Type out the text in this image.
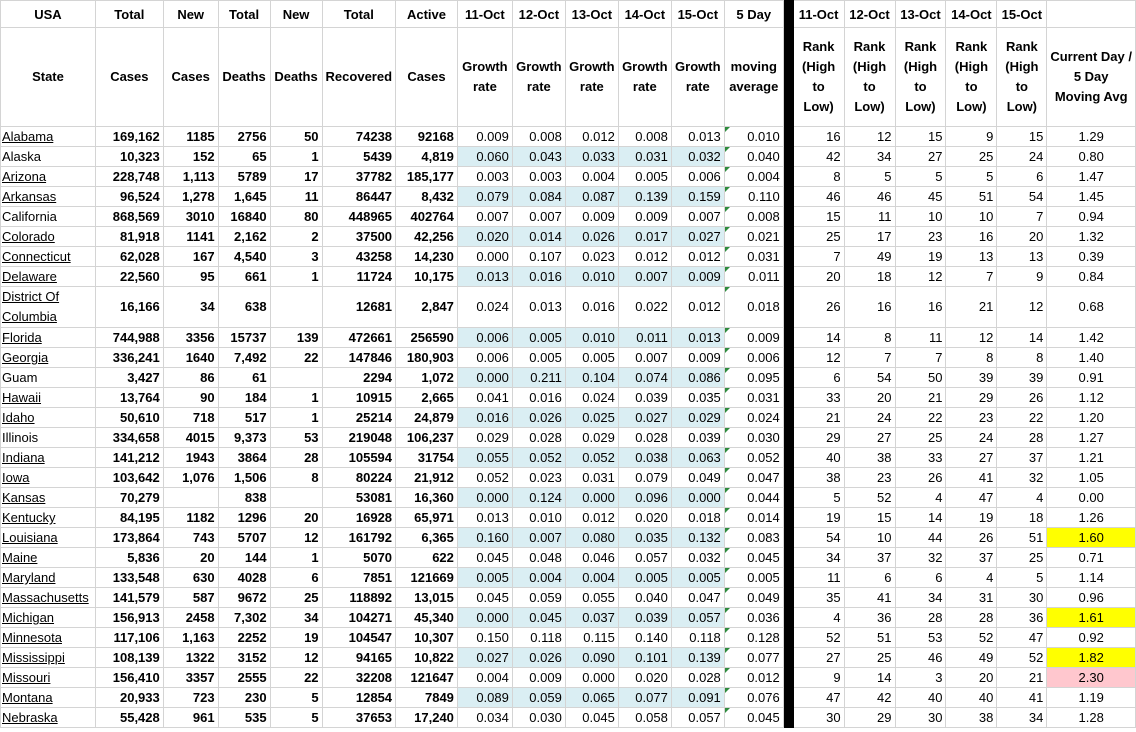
USA	Total	New	Total	New	Total	Active	11-Oct	12-Oct	13-Oct	14-Oct	15-Oct	5 Day		11-Oct	12-Oct	13-Oct	14-Oct	15-Oct	
State	Cases	Cases	Deaths	Deaths	Recovered	Cases	Growth rate	Growth rate	Growth rate	Growth rate	Growth rate	moving average		Rank (High to Low)	Rank (High to Low)	Rank (High to Low)	Rank (High to Low)	Rank (High to Low)	Current Day / 5 Day Moving Avg
Alabama	169,162	1185	2756	50	74238	92168	0.009	0.008	0.012	0.008	0.013	0.010		16	12	15	9	15	1.29
Alaska	10,323	152	65	1	5439	4,819	0.060	0.043	0.033	0.031	0.032	0.040		42	34	27	25	24	0.80
Arizona	228,748	1,113	5789	17	37782	185,177	0.003	0.003	0.004	0.005	0.006	0.004		8	5	5	5	6	1.47
Arkansas	96,524	1,278	1,645	11	86447	8,432	0.079	0.084	0.087	0.139	0.159	0.110		46	46	45	51	54	1.45
California	868,569	3010	16840	80	448965	402764	0.007	0.007	0.009	0.009	0.007	0.008		15	11	10	10	7	0.94
Colorado	81,918	1141	2,162	2	37500	42,256	0.020	0.014	0.026	0.017	0.027	0.021		25	17	23	16	20	1.32
Connecticut	62,028	167	4,540	3	43258	14,230	0.000	0.107	0.023	0.012	0.012	0.031		7	49	19	13	13	0.39
Delaware	22,560	95	661	1	11724	10,175	0.013	0.016	0.010	0.007	0.009	0.011		20	18	12	7	9	0.84
District Of Columbia	16,166	34	638		12681	2,847	0.024	0.013	0.016	0.022	0.012	0.018		26	16	16	21	12	0.68
Florida	744,988	3356	15737	139	472661	256590	0.006	0.005	0.010	0.011	0.013	0.009		14	8	11	12	14	1.42
Georgia	336,241	1640	7,492	22	147846	180,903	0.006	0.005	0.005	0.007	0.009	0.006		12	7	7	8	8	1.40
Guam	3,427	86	61		2294	1,072	0.000	0.211	0.104	0.074	0.086	0.095		6	54	50	39	39	0.91
Hawaii	13,764	90	184	1	10915	2,665	0.041	0.016	0.024	0.039	0.035	0.031		33	20	21	29	26	1.12
Idaho	50,610	718	517	1	25214	24,879	0.016	0.026	0.025	0.027	0.029	0.024		21	24	22	23	22	1.20
Illinois	334,658	4015	9,373	53	219048	106,237	0.029	0.028	0.029	0.028	0.039	0.030		29	27	25	24	28	1.27
Indiana	141,212	1943	3864	28	105594	31754	0.055	0.052	0.052	0.038	0.063	0.052		40	38	33	27	37	1.21
Iowa	103,642	1,076	1,506	8	80224	21,912	0.052	0.023	0.031	0.079	0.049	0.047		38	23	26	41	32	1.05
Kansas	70,279		838		53081	16,360	0.000	0.124	0.000	0.096	0.000	0.044		5	52	4	47	4	0.00
Kentucky	84,195	1182	1296	20	16928	65,971	0.013	0.010	0.012	0.020	0.018	0.014		19	15	14	19	18	1.26
Louisiana	173,864	743	5707	12	161792	6,365	0.160	0.007	0.080	0.035	0.132	0.083		54	10	44	26	51	1.60
Maine	5,836	20	144	1	5070	622	0.045	0.048	0.046	0.057	0.032	0.045		34	37	32	37	25	0.71
Maryland	133,548	630	4028	6	7851	121669	0.005	0.004	0.004	0.005	0.005	0.005		11	6	6	4	5	1.14
Massachusetts	141,579	587	9672	25	118892	13,015	0.045	0.059	0.055	0.040	0.047	0.049		35	41	34	31	30	0.96
Michigan	156,913	2458	7,302	34	104271	45,340	0.000	0.045	0.037	0.039	0.057	0.036		4	36	28	28	36	1.61
Minnesota	117,106	1,163	2252	19	104547	10,307	0.150	0.118	0.115	0.140	0.118	0.128		52	51	53	52	47	0.92
Mississippi	108,139	1322	3152	12	94165	10,822	0.027	0.026	0.090	0.101	0.139	0.077		27	25	46	49	52	1.82
Missouri	156,410	3357	2555	22	32208	121647	0.004	0.009	0.000	0.020	0.028	0.012		9	14	3	20	21	2.30
Montana	20,933	723	230	5	12854	7849	0.089	0.059	0.065	0.077	0.091	0.076		47	42	40	40	41	1.19
Nebraska	55,428	961	535	5	37653	17,240	0.034	0.030	0.045	0.058	0.057	0.045		30	29	30	38	34	1.28
